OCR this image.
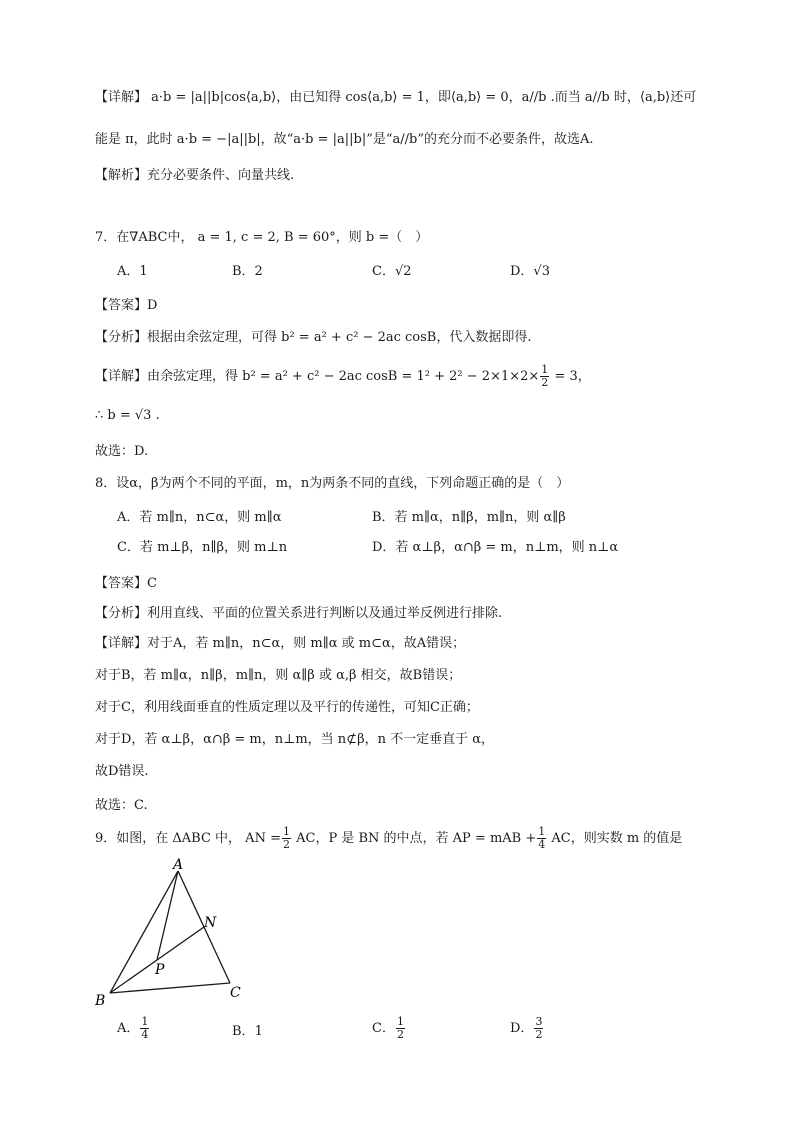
【详解】 a·b = |a||b|cos⟨a,b⟩，由已知得 cos⟨a,b⟩ = 1，即⟨a,b⟩ = 0，a//b .而当 a//b 时，⟨a,b⟩还可
能是 π，此时 a·b = −|a||b|，故“a·b = |a||b|”是“a//b”的充分而不必要条件，故选A.
【解析】充分必要条件、向量共线.
7．在∇ABC中， a = 1, c = 2, B = 60°，则 b =（　）
A．1	B．2	C．√2	D．√3
【答案】D
【分析】根据由余弦定理，可得 b² = a² + c² − 2ac cosB，代入数据即得.
【详解】由余弦定理，得 b² = a² + c² − 2ac $\cos B = 1^2 + 2^2 - 2\times 1\times 2\times \frac{1}{2} = 3$，
∴ b = √3 .
故选：D.
8．设α，β为两个不同的平面，m，n为两条不同的直线，下列命题正确的是（　）
A．若 m∥n，n⊂α，则 m∥α	B．若 m∥α，n∥β，m∥n，则 α∥β
C．若 m⊥β，n∥β，则 m⊥n	D．若 α⊥β，α∩β = m，n⊥m，则 n⊥α
【答案】C
【分析】利用直线、平面的位置关系进行判断以及通过举反例进行排除.
【详解】对于A，若 m∥n，n⊂α，则 m∥α 或 m⊂α，故A错误；
对于B，若 m∥α，n∥β，m∥n，则 α∥β 或 α,β 相交，故B错误；
对于C，利用线面垂直的性质定理以及平行的传递性，可知C正确；
对于D，若 α⊥β，α∩β = m，n⊥m，当 n⊄β，n 不一定垂直于 α，
故D错误.
故选：C.
9．如图，在 ΔABC 中， AN = $\frac{1}{2}$ AC，P 是 BN 的中点，若 AP = mAB + $\frac{1}{4}$ AC，则实数 m 的值是
A
B	C
N
P
A． $\frac{1}{4}$	B．1	C． $\frac{1}{2}$	D． $\frac{3}{2}$
